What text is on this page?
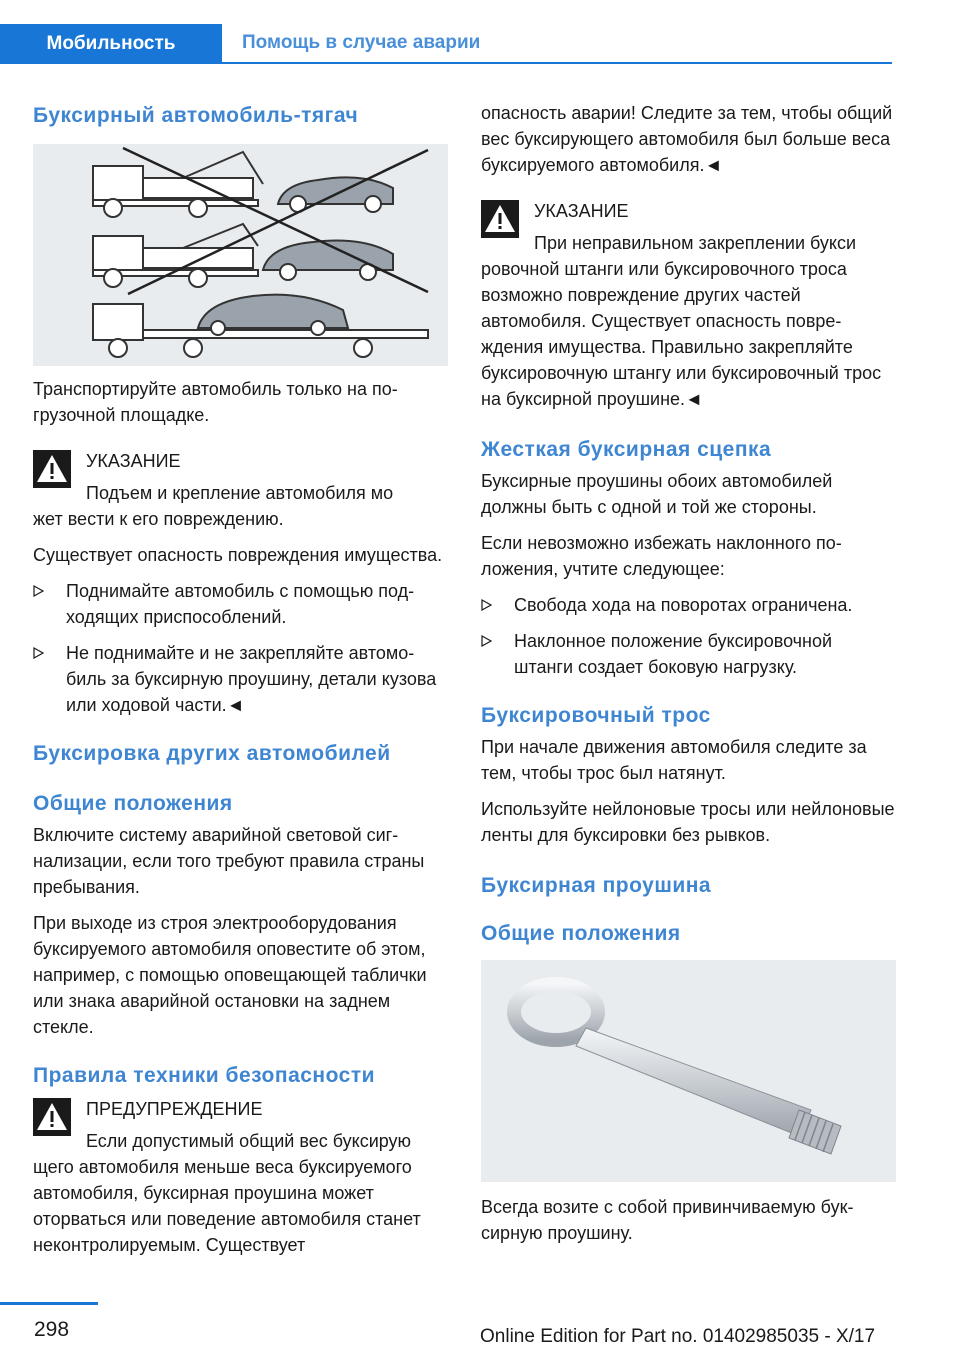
Мобильность	Помощь в случае аварии
Буксирный автомобиль-тягач

Транспортируйте автомобиль только на погрузочной площадке.

УКАЗАНИЕ
Подъем и крепление автомобиля мо

жет вести к его повреждению.

Существует опасность повреждения имущества.

Поднимайте автомобиль с помощью подходящих приспособлений.
Не поднимайте и не закрепляйте автомобиль за буксирную проушину, детали кузова или ходовой части.◄
Буксировка других автомобилей
Общие положения

Включите систему аварийной световой сигнализации, если того требуют правила страны пребывания.

При выходе из строя электрооборудования буксируемого автомобиля оповестите об этом, например, с помощью оповещающей таблички или знака аварийной остановки на заднем стекле.

Правила техники безопасности
ПРЕДУПРЕЖДЕНИЕ
Если допустимый общий вес буксирую

щего автомобиля меньше веса буксируемого автомобиля, буксирная проушина может оторваться или поведение автомобиля станет неконтролируемым. Существует

опасность аварии! Следите за тем, чтобы общий вес буксирующего автомобиля был больше веса буксируемого автомобиля.◄

УКАЗАНИЕ
При неправильном закреплении букси

ровочной штанги или буксировочного троса возможно повреждение других частей автомобиля. Существует опасность повреждения имущества. Правильно закрепляйте буксировочную штангу или буксировочный трос на буксирной проушине.◄

Жесткая буксирная сцепка

Буксирные проушины обоих автомобилей должны быть с одной и той же стороны.

Если невозможно избежать наклонного положения, учтите следующее:

Свобода хода на поворотах ограничена.
Наклонное положение буксировочной штанги создает боковую нагрузку.
Буксировочный трос

При начале движения автомобиля следите за тем, чтобы трос был натянут.

Используйте нейлоновые тросы или нейлоновые ленты для буксировки без рывков.

Буксирная проушина
Общие положения

Всегда возите с собой привинчиваемую буксирную проушину.

298	Online Edition for Part no. 01402985035 - X/17
